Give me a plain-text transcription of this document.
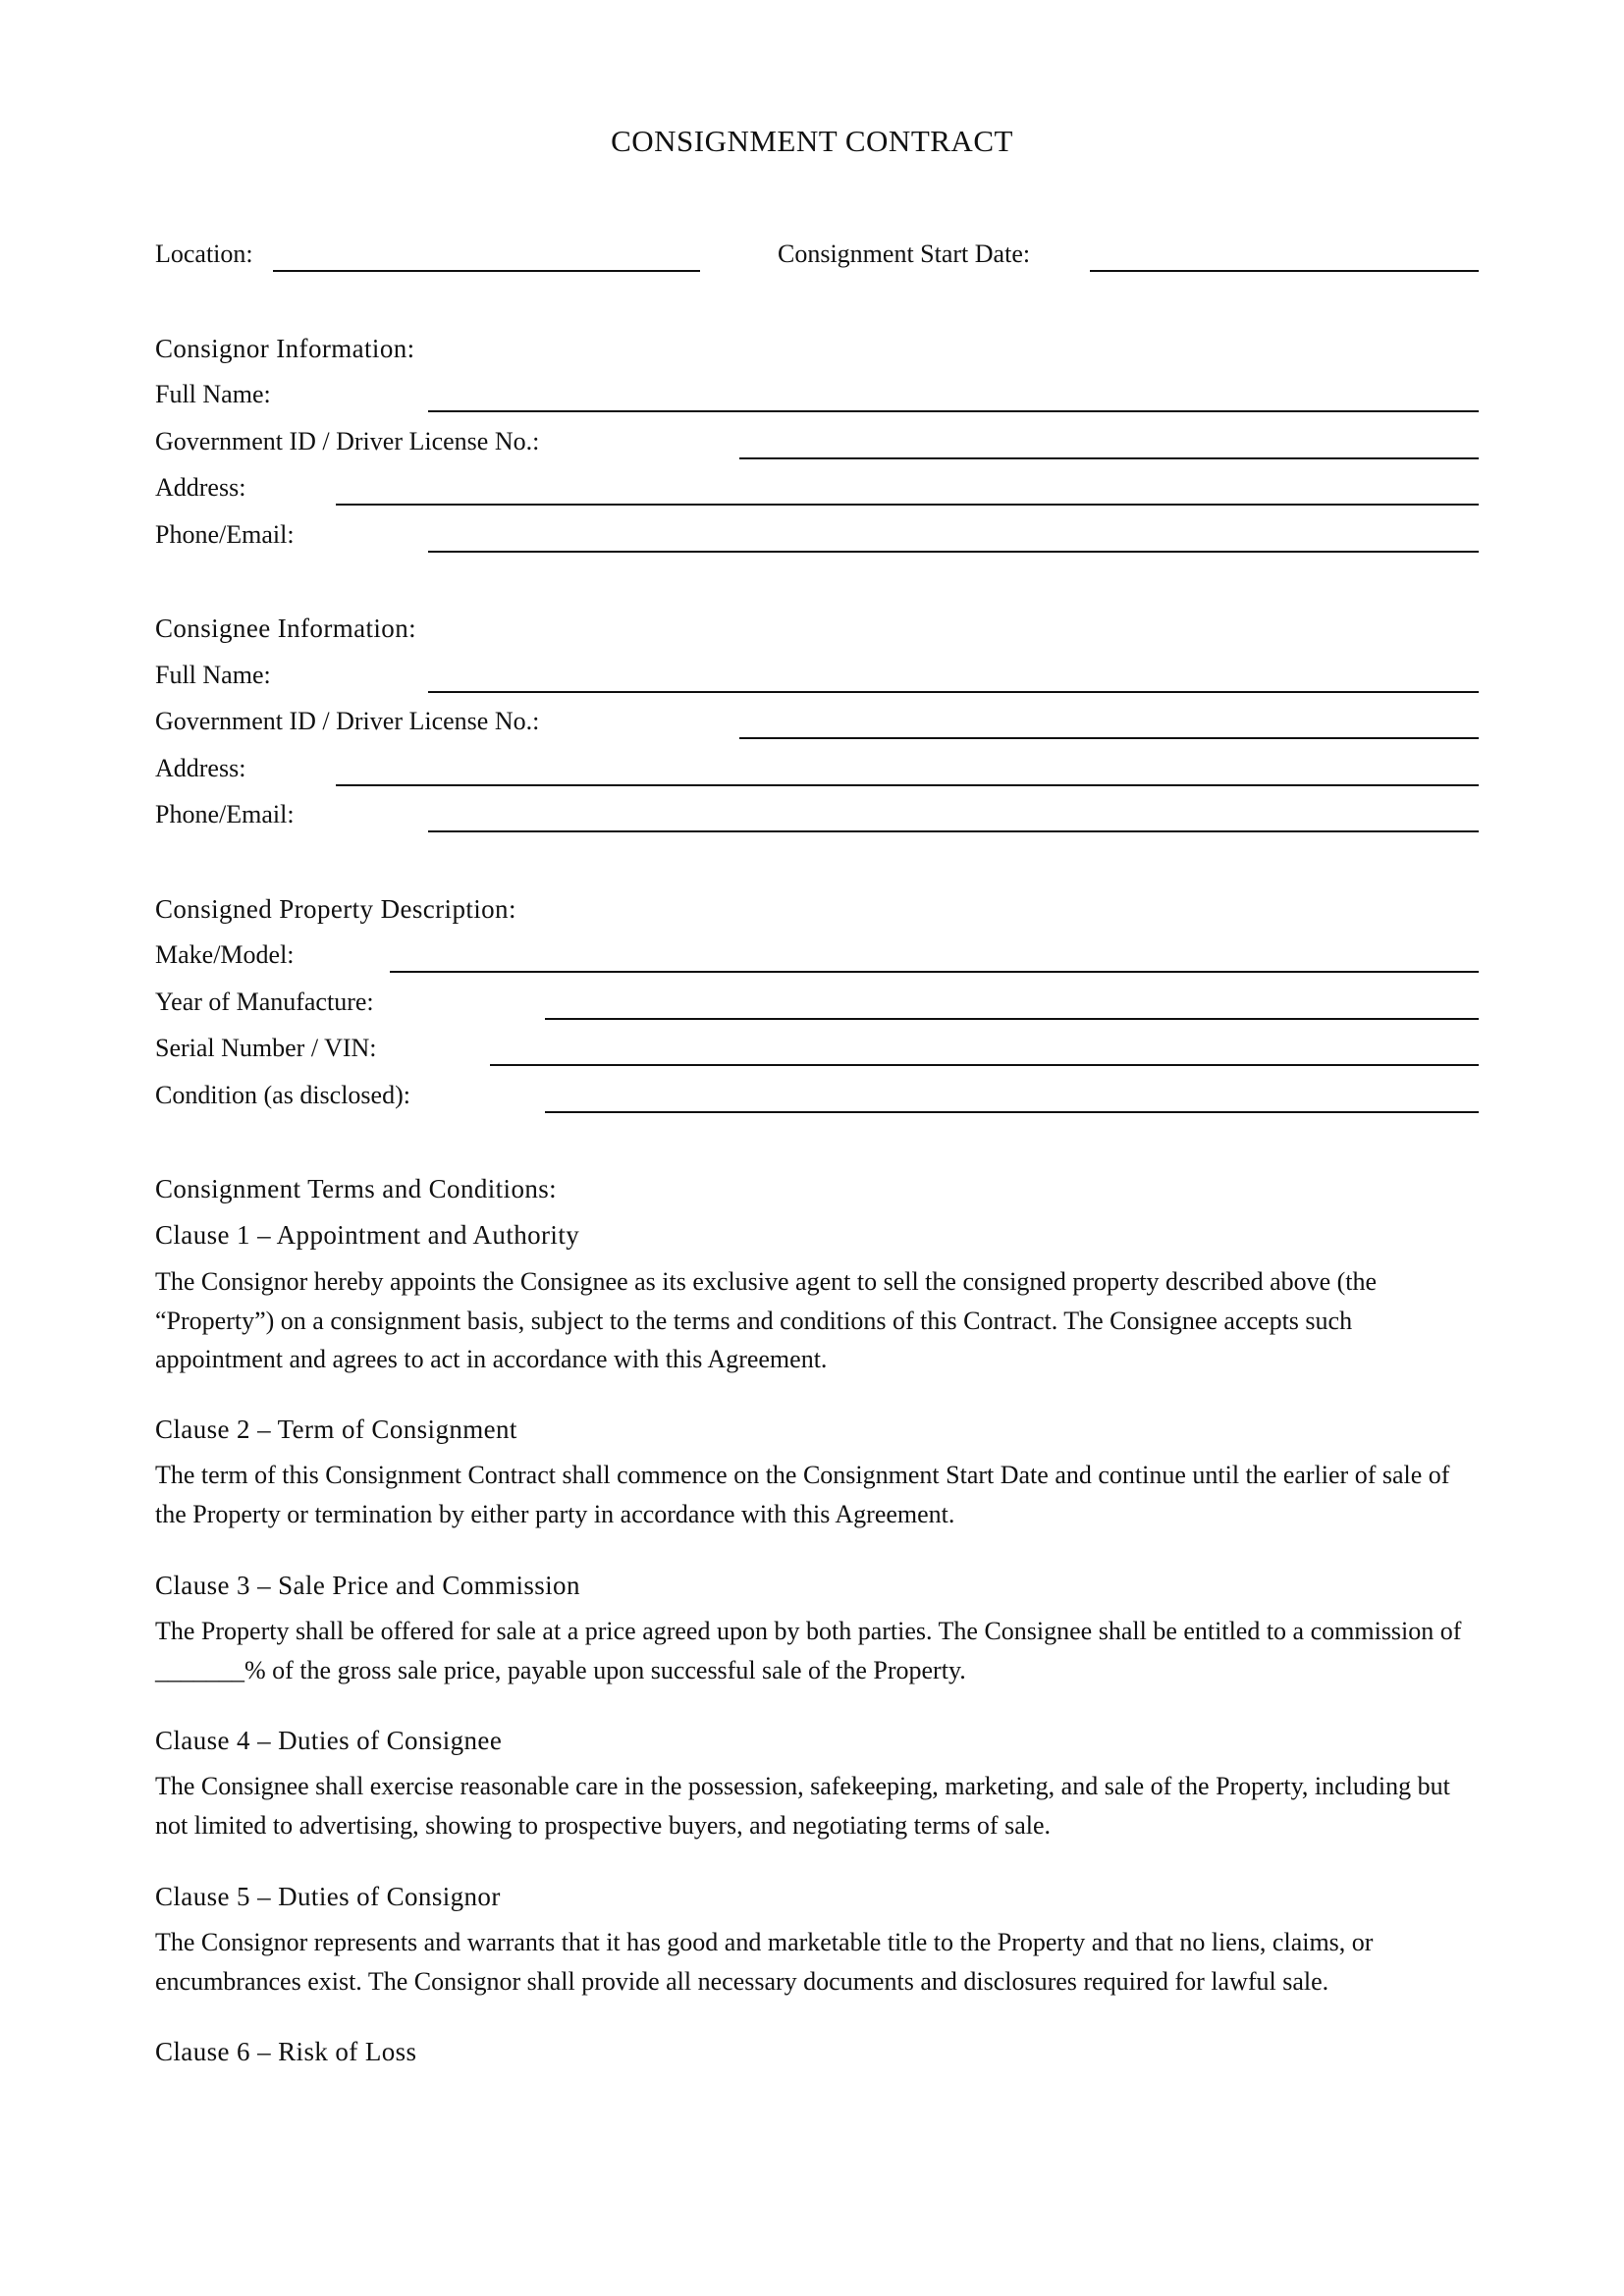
CONSIGNMENT CONTRACT
Location:	Consignment Start Date:
Consignor Information:
Full Name:
Government ID / Driver License No.:
Address:
Phone/Email:
Consignee Information:
Full Name:
Government ID / Driver License No.:
Address:
Phone/Email:
Consigned Property Description:
Make/Model:
Year of Manufacture:
Serial Number / VIN:
Condition (as disclosed):
Consignment Terms and Conditions:
Clause 1 – Appointment and Authority
The Consignor hereby appoints the Consignee as its exclusive agent to sell the consigned property described above (the “Property”) on a consignment basis, subject to the terms and conditions of this Contract. The Consignee accepts such appointment and agrees to act in accordance with this Agreement.
Clause 2 – Term of Consignment
The term of this Consignment Contract shall commence on the Consignment Start Date and continue until the earlier of sale of the Property or termination by either party in accordance with this Agreement.
Clause 3 – Sale Price and Commission
The Property shall be offered for sale at a price agreed upon by both parties. The Consignee shall be entitled to a commission of _______% of the gross sale price, payable upon successful sale of the Property.
Clause 4 – Duties of Consignee
The Consignee shall exercise reasonable care in the possession, safekeeping, marketing, and sale of the Property, including but not limited to advertising, showing to prospective buyers, and negotiating terms of sale.
Clause 5 – Duties of Consignor
The Consignor represents and warrants that it has good and marketable title to the Property and that no liens, claims, or encumbrances exist. The Consignor shall provide all necessary documents and disclosures required for lawful sale.
Clause 6 – Risk of Loss
